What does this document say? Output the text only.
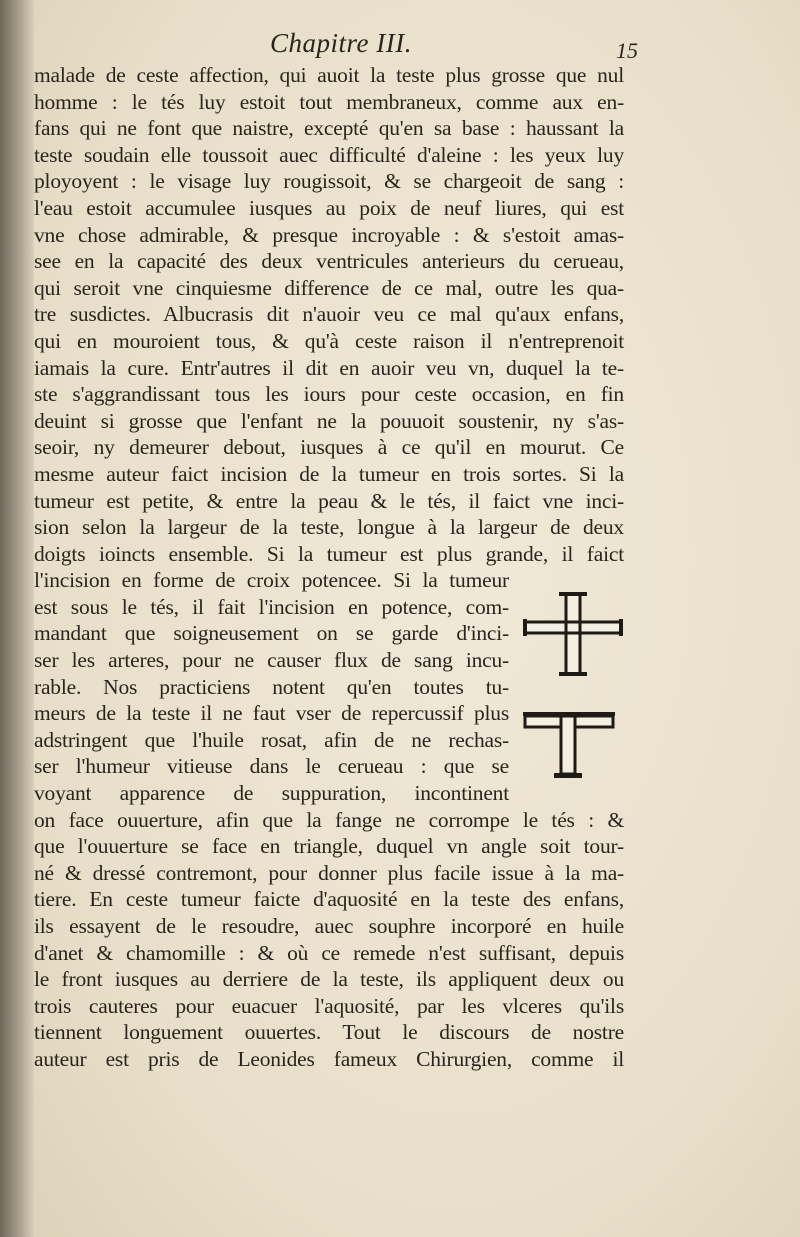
Chapitre III.	15
malade de ceste affection, qui auoit la teste plus grosse que nul
homme : le tés luy estoit tout membraneux, comme aux en-
fans qui ne font que naistre, excepté qu'en sa base : haussant la
teste soudain elle toussoit auec difficulté d'aleine : les yeux luy
ployoyent : le visage luy rougissoit, & se chargeoit de sang :
l'eau estoit accumulee iusques au poix de neuf liures, qui est
vne chose admirable, & presque incroyable : & s'estoit amas-
see en la capacité des deux ventricules anterieurs du cerueau,
qui seroit vne cinquiesme difference de ce mal, outre les qua-
tre susdictes. Albucrasis dit n'auoir veu ce mal qu'aux enfans,
qui en mouroient tous, & qu'à ceste raison il n'entreprenoit
iamais la cure. Entr'autres il dit en auoir veu vn, duquel la te-
ste s'aggrandissant tous les iours pour ceste occasion, en fin
deuint si grosse que l'enfant ne la pouuoit soustenir, ny s'as-
seoir, ny demeurer debout, iusques à ce qu'il en mourut. Ce
mesme auteur faict incision de la tumeur en trois sortes. Si la
tumeur est petite, & entre la peau & le tés, il faict vne inci-
sion selon la largeur de la teste, longue à la largeur de deux
doigts ioincts ensemble. Si la tumeur est plus grande, il faict
l'incision en forme de croix potencee. Si la tumeur
est sous le tés, il fait l'incision en potence, com-
mandant que soigneusement on se garde d'inci-
ser les arteres, pour ne causer flux de sang incu-
rable. Nos practiciens notent qu'en toutes tu-
meurs de la teste il ne faut vser de repercussif plus
adstringent que l'huile rosat, afin de ne rechas-
ser l'humeur vitieuse dans le cerueau : que se
voyant apparence de suppuration, incontinent
on face ouuerture, afin que la fange ne corrompe le tés : &
que l'ouuerture se face en triangle, duquel vn angle soit tour-
né & dressé contremont, pour donner plus facile issue à la ma-
tiere. En ceste tumeur faicte d'aquosité en la teste des enfans,
ils essayent de le resoudre, auec souphre incorporé en huile
d'anet & chamomille : & où ce remede n'est suffisant, depuis
le front iusques au derriere de la teste, ils appliquent deux ou
trois cauteres pour euacuer l'aquosité, par les vlceres qu'ils
tiennent longuement ouuertes. Tout le discours de nostre
auteur est pris de Leonides fameux Chirurgien, comme il
